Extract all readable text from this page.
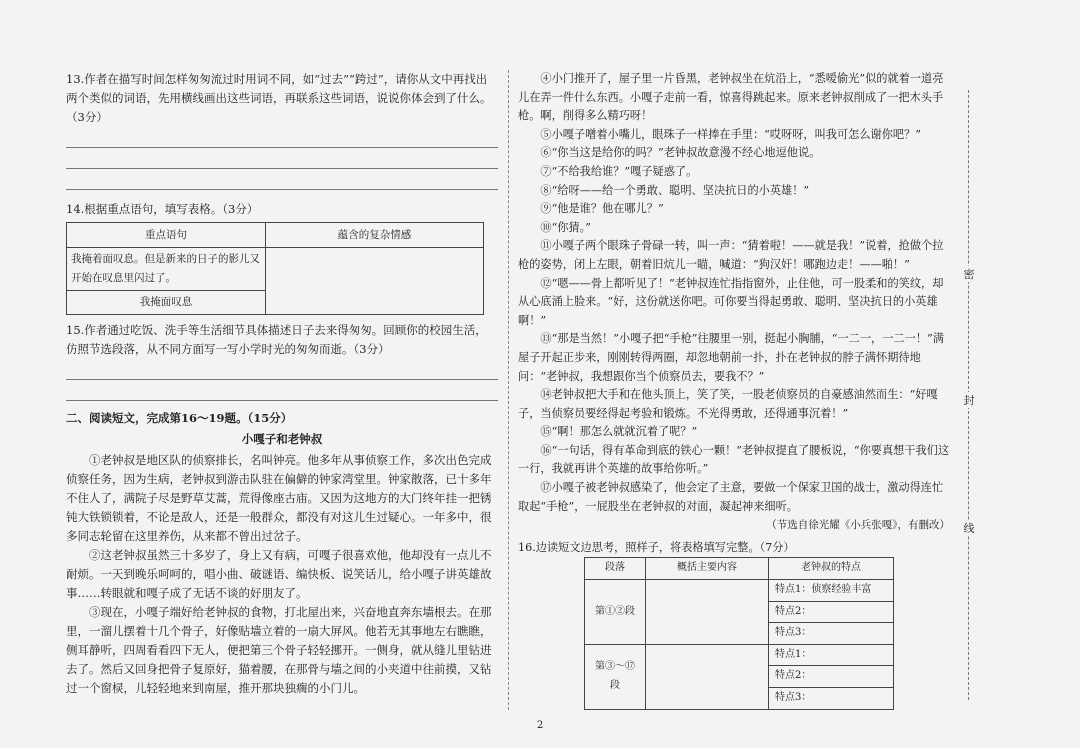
13.作者在描写时间怎样匆匆流过时用词不同，如“过去”“跨过”，请你从文中再找出两个类似的词语，先用横线画出这些词语，再联系这些词语，说说你体会到了什么。（3分）

14.根据重点语句，填写表格。（3分）

重点语句	蕴含的复杂情感
我掩着面叹息。但是新来的日子的影儿又开始在叹息里闪过了。	
我掩面叹息	

15.作者通过吃饭、洗手等生活细节具体描述日子去来得匆匆。回顾你的校园生活，仿照节选段落，从不同方面写一写小学时光的匆匆而逝。（3分）

二、阅读短文，完成第16～19题。（15分）

小嘎子和老钟叔

①老钟叔是地区队的侦察排长，名叫钟亮。他多年从事侦察工作，多次出色完成侦察任务，因为生病，老钟叔到游击队驻在偏僻的钟家湾堂里。钟家散落，已十多年不住人了，满院子尽是野草艾蒿，荒得像座古庙。又因为这地方的大门终年挂一把锈钝大铁锁锁着，不论是敌人，还是一般群众，都没有对这儿生过疑心。一年多中，很多同志轮留在这里养伤，从来都不曾出过岔子。

②这老钟叔虽然三十多岁了，身上又有病，可嘎子很喜欢他，他却没有一点儿不耐烦。一天到晚乐呵呵的，唱小曲、破谜语、编快板、说笑话儿，给小嘎子讲英雄故事……转眼就和嘎子成了无话不谈的好朋友了。

③现在，小嘎子端好给老钟叔的食物，打北屋出来，兴奋地直奔东墙根去。在那里，一溜儿摆着十几个骨子，好像贴墙立着的一扇大屏风。他若无其事地左右瞧瞧，侧耳静听，四周看看四下无人，便把第三个骨子轻轻挪开。一侧身，就从缝儿里钻进去了。然后又回身把骨子复原好，猫着腰，在那骨与墙之间的小夹道中往前摸，又钻过一个窗棂，儿轻轻地来到南屋，推开那块独瘸的小门儿。

④小门推开了，屋子里一片昏黑，老钟叔坐在炕沿上，“悉嗳偷光”似的就着一道亮儿在弄一件什么东西。小嘎子走前一看，惊喜得跳起来。原来老钟叔削成了一把木头手枪。啊，削得多么精巧呀！

⑤小嘎子噌着小嘴儿，眼珠子一样捧在手里：“哎呀呀，叫我可怎么谢你吧？”

⑥“你当这是给你的吗？”老钟叔故意漫不经心地逗他说。

⑦“不给我给谁？”嘎子疑惑了。

⑧“给呀——给一个勇敢、聪明、坚决抗日的小英雄！”

⑨“他是谁？他在哪儿？”

⑩“你猜。”

⑪小嘎子两个眼珠子骨碌一转，叫一声：“猜着啦！——就是我！”说着，抢做个拉枪的姿势，闭上左眼，朝着旧炕儿一瞄，喊道：“狗汉奸！哪跑边走！——啪！”

⑫“嗯——骨上都听见了！”老钟叔连忙指指窗外，止住他，可一股柔和的笑纹，却从心底涌上脸来。“好，这份就送你吧。可你要当得起勇敢、聪明、坚决抗日的小英雄啊！”

⑬“那是当然！”小嘎子把“手枪”往腰里一别，挺起小胸脯，“一二一，一二一！”满屋子开起正步来，刚刚转得两圈，却忽地朝前一扑，扑在老钟叔的脖子满怀期待地问：“老钟叔，我想跟你当个侦察员去，要我不？”

⑭老钟叔把大手和在他头顶上，笑了笑，一股老侦察员的自豪感油然而生：“好嘎子，当侦察员要经得起考验和锻炼。不光得勇敢，还得通事沉着！”

⑮“啊！那怎么就就沉着了呢？”

⑯“一句话，得有革命到底的铁心一颗！”老钟叔提直了腰板说，“你要真想干我们这一行，我就再讲个英雄的故事给你听。”

⑰小嘎子被老钟叔感染了，他会定了主意，要做一个保家卫国的战士，激动得连忙取起“手枪”，一屁股坐在老钟叔的对面，凝起神来细听。

（节选自徐光耀《小兵张嘎》，有删改）

16.边读短文边思考，照样子，将表格填写完整。（7分）

段落	概括主要内容	老钟叔的特点
第①②段		特点1：侦察经验丰富
		特点2：
		特点3：
第③～⑰段		特点1：
		特点2：
		特点3：
密
封
线
2
